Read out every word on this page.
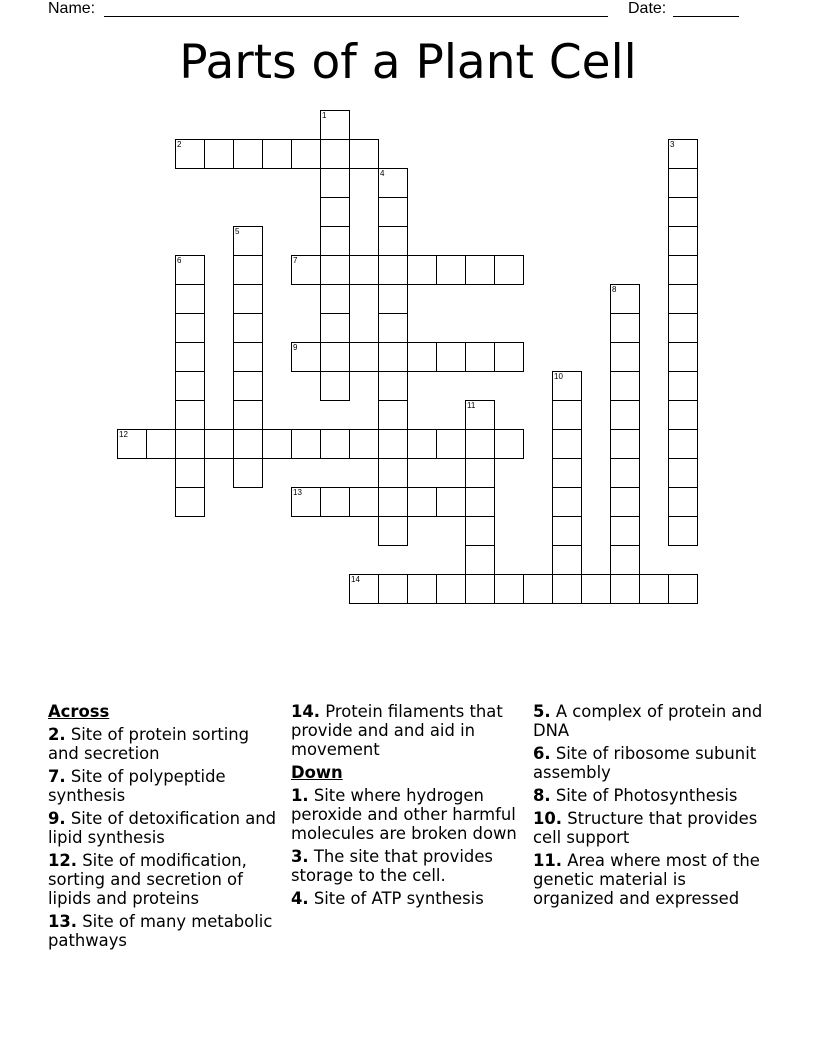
Name:	Date:
Parts of a Plant Cell
2
7
9
12
13
14
1
3
4
5
6
8
10
11
Across
2. Site of protein sorting and secretion
7. Site of polypeptide synthesis
9. Site of detoxification and lipid synthesis
12. Site of modification, sorting and secretion of lipids and proteins
13. Site of many metabolic pathways
14. Protein filaments that provide and and aid in movement
Down
1. Site where hydrogen peroxide and other harmful molecules are broken down
3. The site that provides storage to the cell.
4. Site of ATP synthesis
5. A complex of protein and DNA
6. Site of ribosome subunit assembly
8. Site of Photosynthesis
10. Structure that provides cell support
11. Area where most of the genetic material is organized and expressed
